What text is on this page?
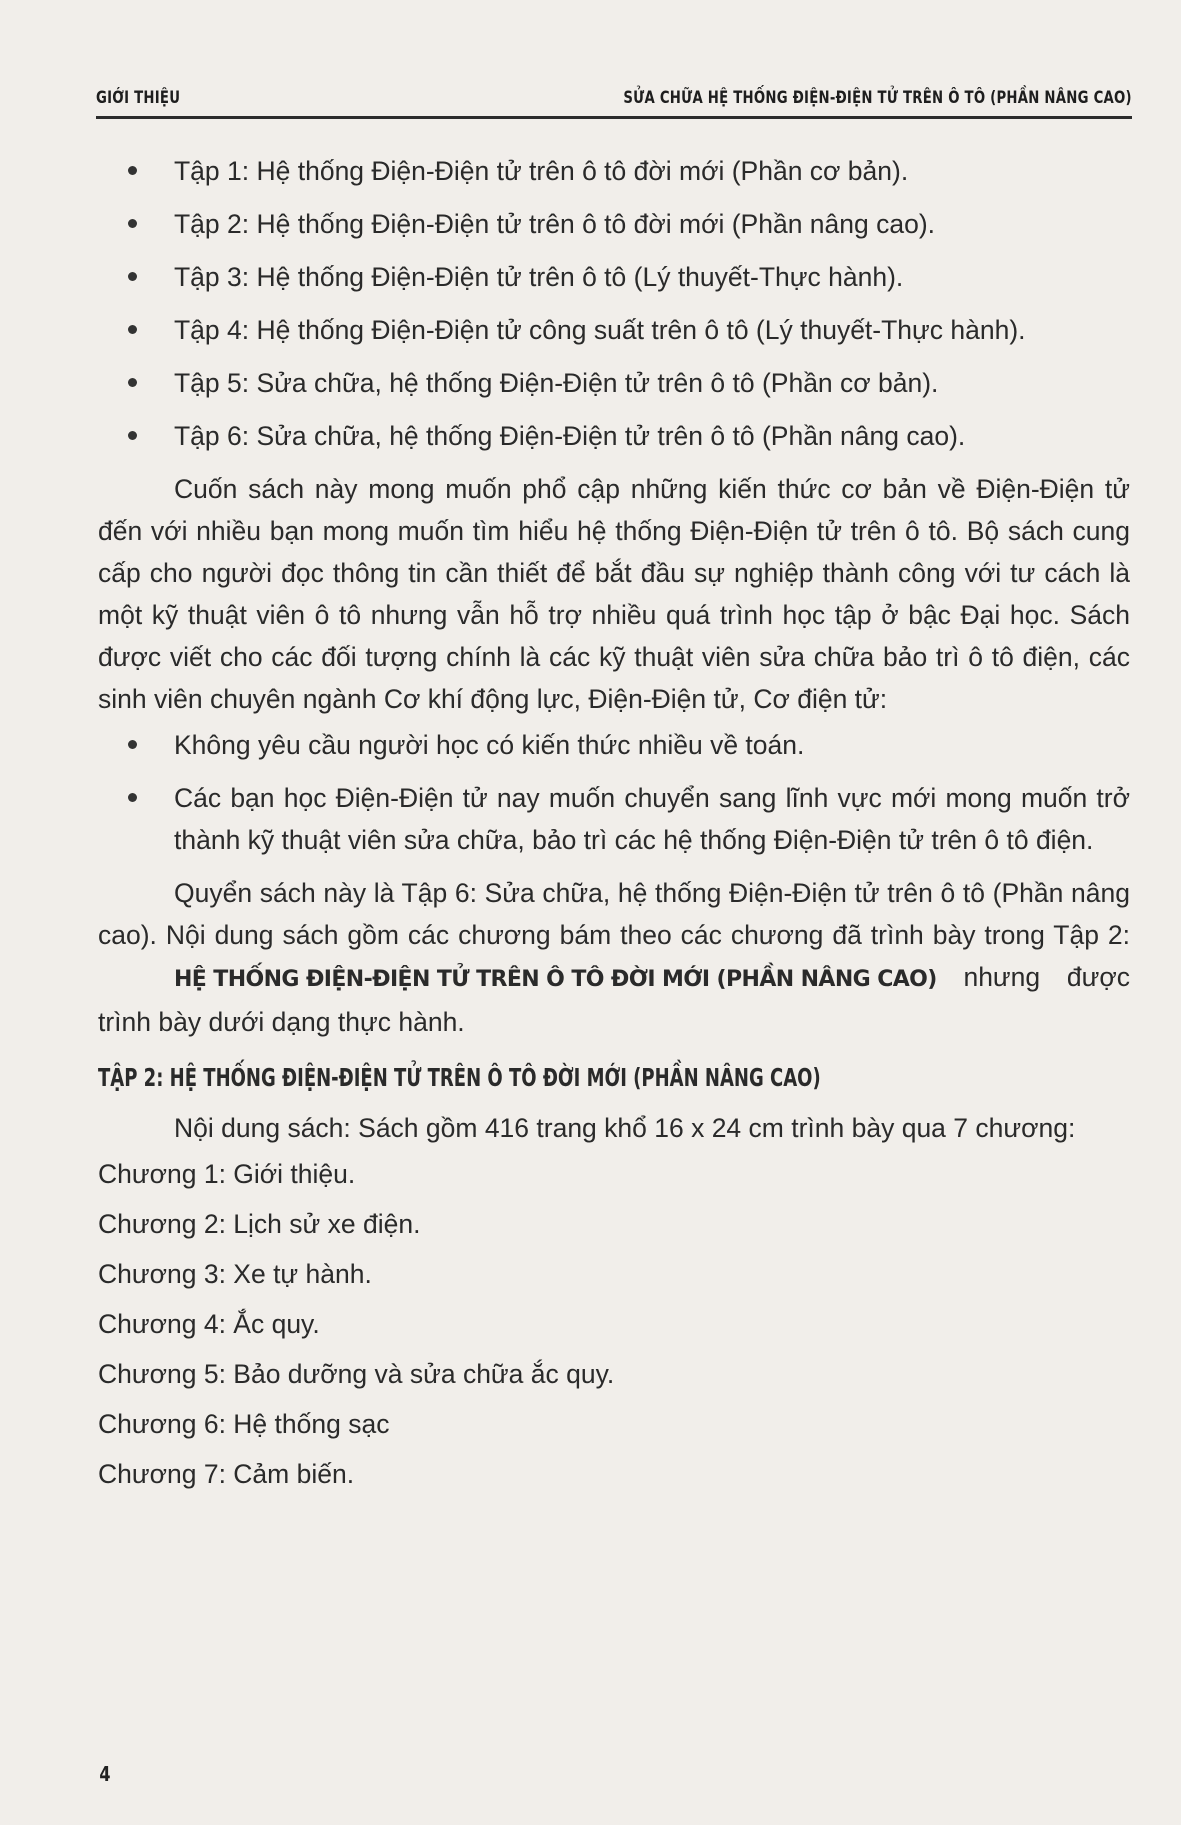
GIỚI THIỆU	SỬA CHỮA HỆ THỐNG ĐIỆN-ĐIỆN TỬ TRÊN Ô TÔ (PHẦN NÂNG CAO)
Tập 1: Hệ thống Điện-Điện tử trên ô tô đời mới (Phần cơ bản).
Tập 2: Hệ thống Điện-Điện tử trên ô tô đời mới (Phần nâng cao).
Tập 3: Hệ thống Điện-Điện tử trên ô tô (Lý thuyết-Thực hành).
Tập 4: Hệ thống Điện-Điện tử công suất trên ô tô (Lý thuyết-Thực hành).
Tập 5: Sửa chữa, hệ thống Điện-Điện tử trên ô tô (Phần cơ bản).
Tập 6: Sửa chữa, hệ thống Điện-Điện tử trên ô tô (Phần nâng cao).

Cuốn sách này mong muốn phổ cập những kiến thức cơ bản về Điện-Điện tử đến với nhiều bạn mong muốn tìm hiểu hệ thống Điện-Điện tử trên ô tô. Bộ sách cung cấp cho người đọc thông tin cần thiết để bắt đầu sự nghiệp thành công với tư cách là một kỹ thuật viên ô tô nhưng vẫn hỗ trợ nhiều quá trình học tập ở bậc Đại học. Sách được viết cho các đối tượng chính là các kỹ thuật viên sửa chữa bảo trì ô tô điện, các sinh viên chuyên ngành Cơ khí động lực, Điện-Điện tử, Cơ điện tử:

Không yêu cầu người học có kiến thức nhiều về toán.
Các bạn học Điện-Điện tử nay muốn chuyển sang lĩnh vực mới mong muốn trở thành kỹ thuật viên sửa chữa, bảo trì các hệ thống Điện-Điện tử trên ô tô điện.

Quyển sách này là Tập 6: Sửa chữa, hệ thống Điện-Điện tử trên ô tô (Phần nâng cao). Nội dung sách gồm các chương bám theo các chương đã trình bày trong Tập 2: HỆ THỐNG ĐIỆN-ĐIỆN TỬ TRÊN Ô TÔ ĐỜI MỚI (PHẦN NÂNG CAO) nhưng được trình bày dưới dạng thực hành.

TẬP 2: HỆ THỐNG ĐIỆN-ĐIỆN TỬ TRÊN Ô TÔ ĐỜI MỚI (PHẦN NÂNG CAO)

Nội dung sách: Sách gồm 416 trang khổ 16 x 24 cm trình bày qua 7 chương:

Chương 1: Giới thiệu.
Chương 2: Lịch sử xe điện.
Chương 3: Xe tự hành.
Chương 4: Ắc quy.
Chương 5: Bảo dưỡng và sửa chữa ắc quy.
Chương 6: Hệ thống sạc
Chương 7: Cảm biến.
4
